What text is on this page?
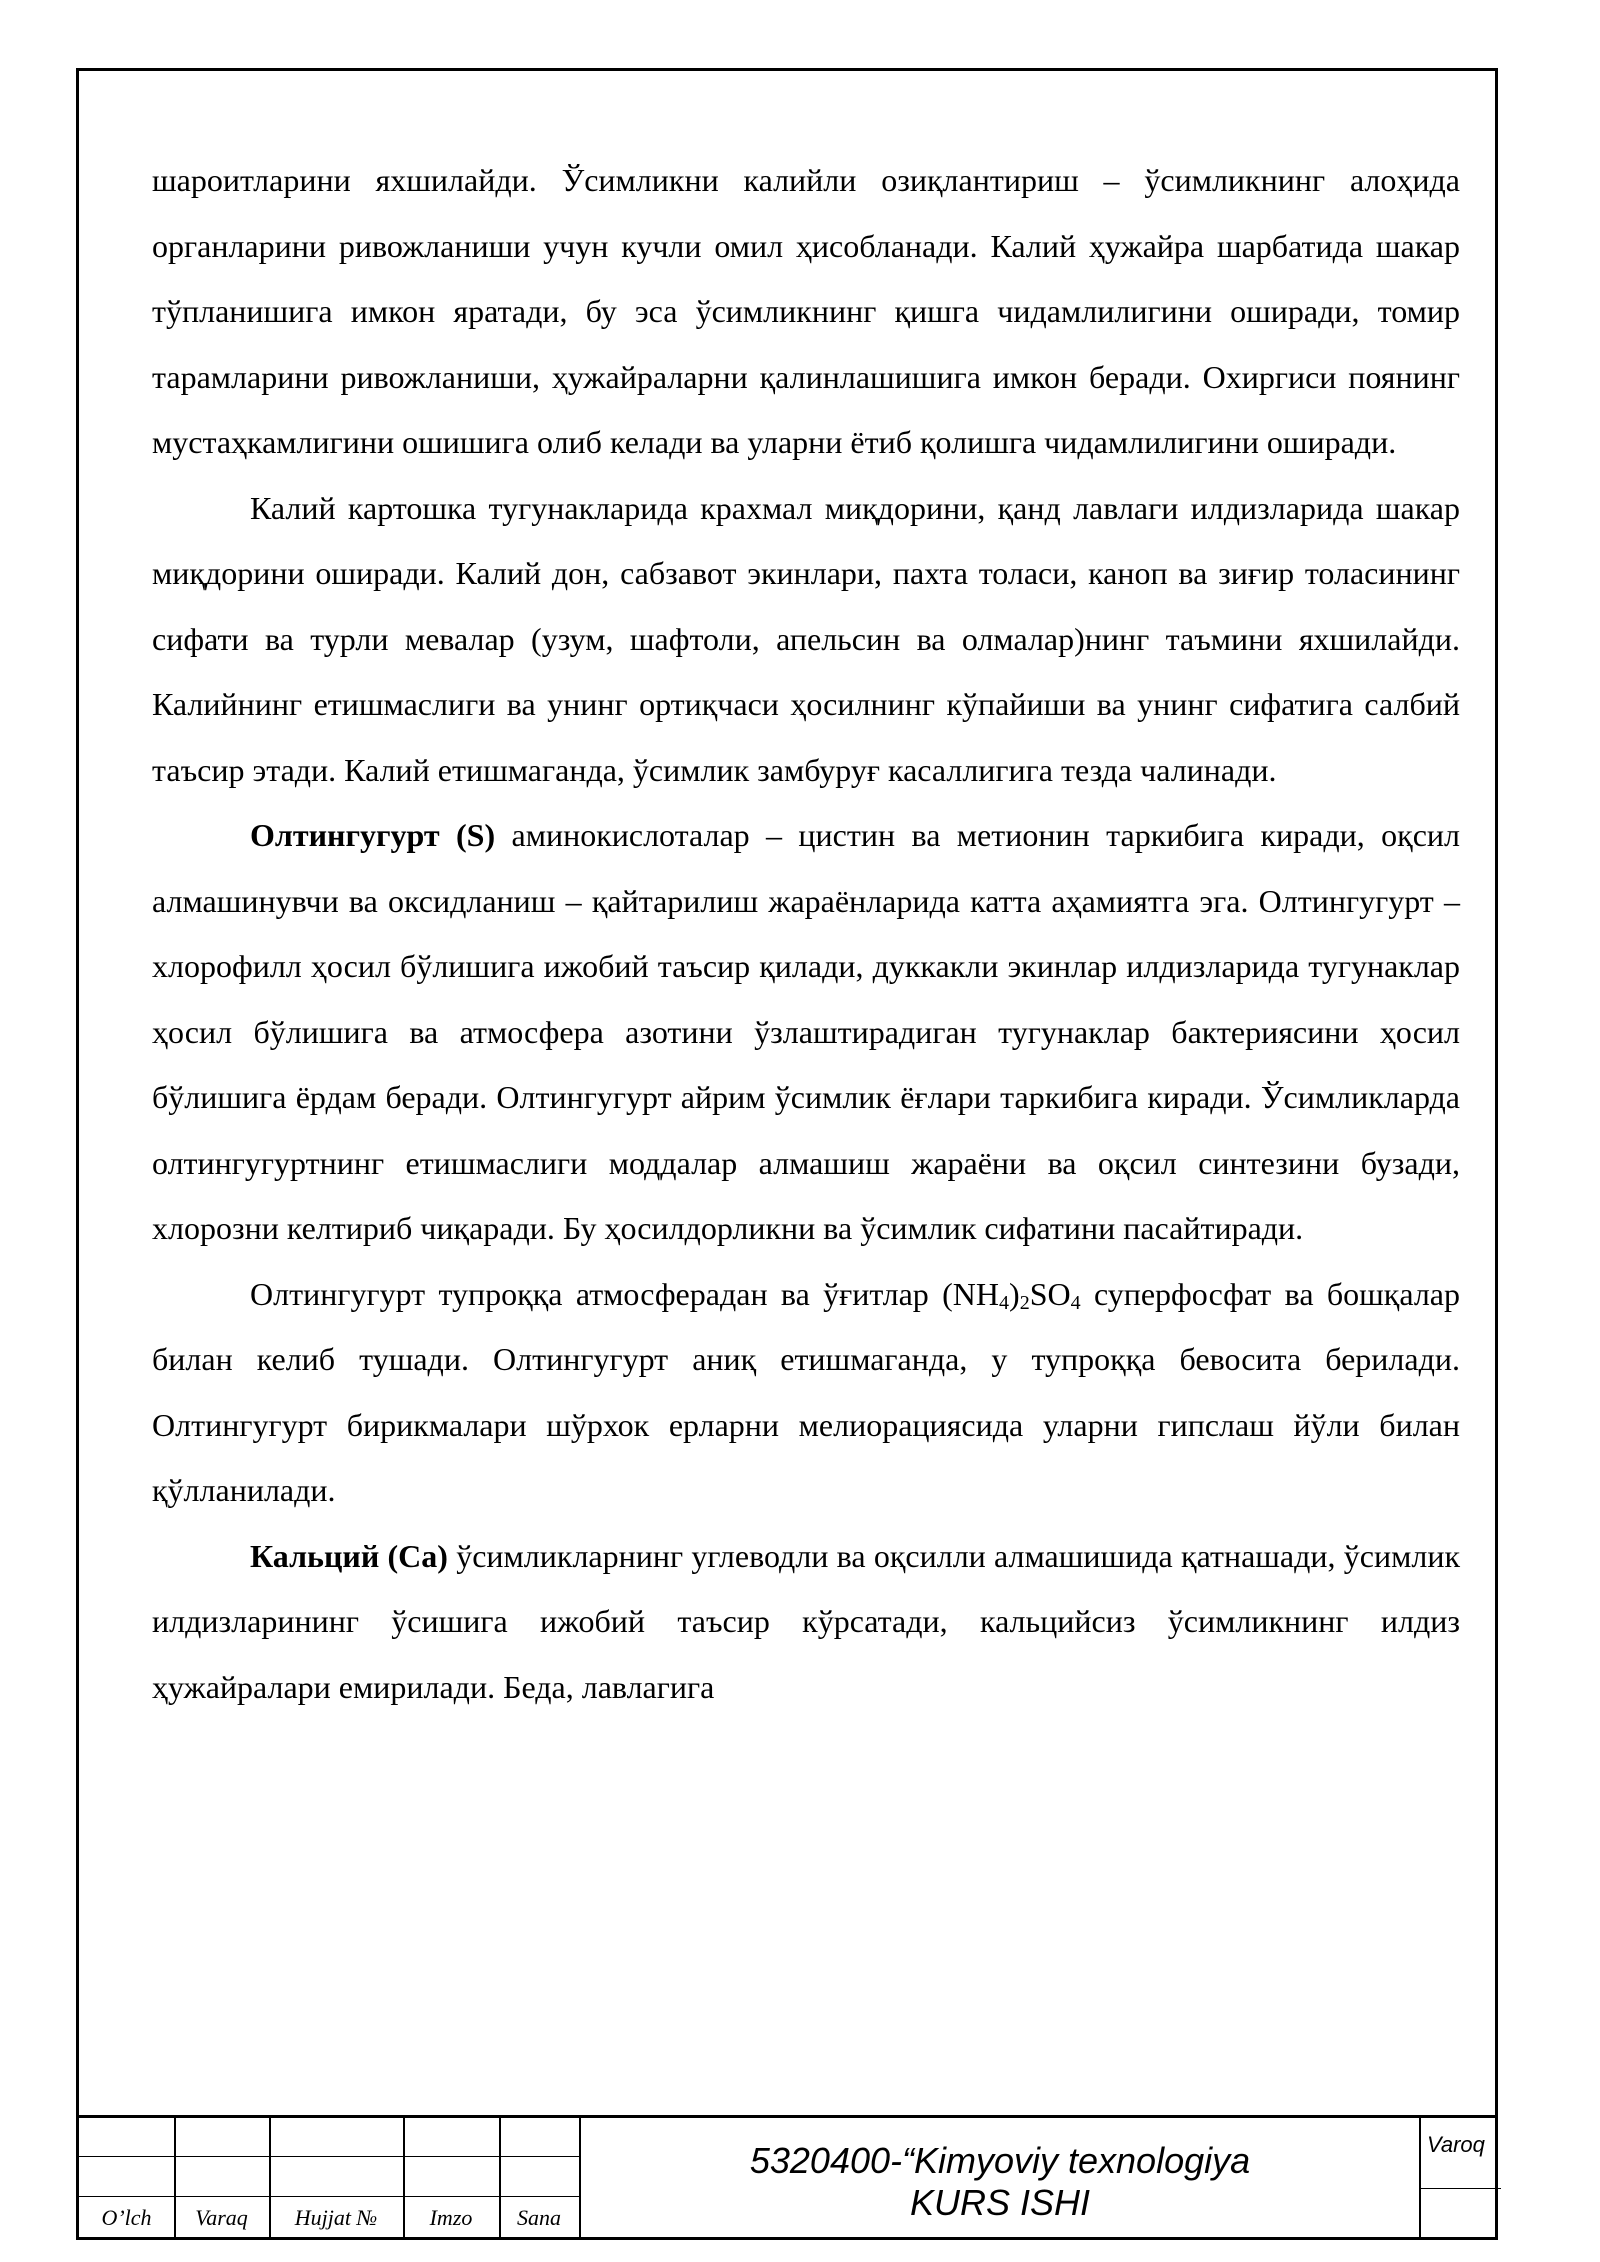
шароитларини яхшилайди. Ўсимликни калийли озиқлантириш – ўсимликнинг алоҳида органларини ривожланиши учун кучли омил ҳисобланади. Калий ҳужайра шарбатида шакар тўпланишига имкон яратади, бу эса ўсимликнинг қишга чидамлилигини оширади, томир тарамларини ривожланиши, ҳужайраларни қалинлашишига имкон беради. Охиргиси поянинг мустаҳкамлигини ошишига олиб келади ва уларни ётиб қолишга чидамлилигини оширади.

Калий картошка тугунакларида крахмал миқдорини, қанд лавлаги илдизларида шакар миқдорини оширади. Калий дон, сабзавот экинлари, пахта толаси, каноп ва зиғир толасининг сифати ва турли мевалар (узум, шафтоли, апельсин ва олмалар)нинг таъмини яхшилайди. Калийнинг етишмаслиги ва унинг ортиқчаси ҳосилнинг кўпайиши ва унинг сифатига салбий таъсир этади. Калий етишмаганда, ўсимлик замбуруғ касаллигига тезда чалинади.

Олтингугурт (S) аминокислоталар – цистин ва метионин таркибига киради, оқсил алмашинувчи ва оксидланиш – қайтарилиш жараёнларида катта аҳамиятга эга. Олтингугурт – хлорофилл ҳосил бўлишига ижобий таъсир қилади, дуккакли экинлар илдизларида тугунаклар ҳосил бўлишига ва атмосфера азотини ўзлаштирадиган тугунаклар бактериясини ҳосил бўлишига ёрдам беради. Олтингугурт айрим ўсимлик ёғлари таркибига киради. Ўсимликларда олтингугуртнинг етишмаслиги моддалар алмашиш жараёни ва оқсил синтезини бузади, хлорозни келтириб чиқаради. Бу ҳосилдорликни ва ўсимлик сифатини пасайтиради.

Олтингугурт тупроққа атмосферадан ва ўғитлар $(NH_4)_2SO_4$ суперфосфат ва бошқалар билан келиб тушади. Олтингугурт аниқ етишмаганда, у тупроққа бевосита берилади. Олтингугурт бирикмалари шўрхок ерларни мелиорациясида уларни гипслаш йўли билан қўлланилади.

Кальций (Ca) ўсимликларнинг углеводли ва оқсилли алмашишида қатнашади, ўсимлик илдизларининг ўсишига ижобий таъсир кўрсатади, кальцийсиз ўсимликнинг илдиз ҳужайралари емирилади. Беда, лавлагига

O’lch	Varaq	Hujjat №	Imzo	Sana
5320400-“Kimyoviy texnologiya
KURS ISHI
Varoq
